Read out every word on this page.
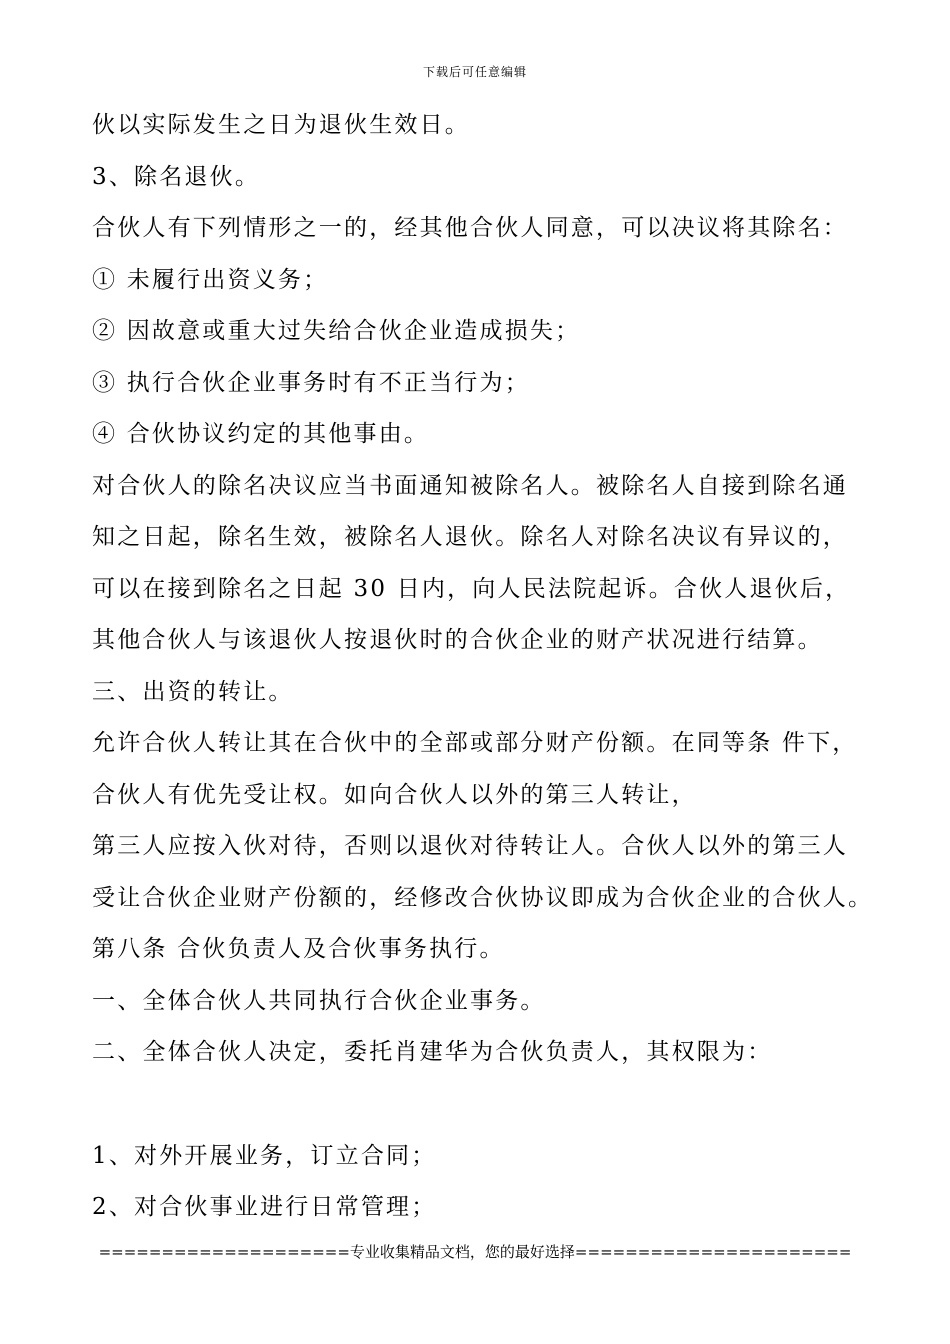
下载后可任意编辑
伙以实际发生之日为退伙生效日。
3、除名退伙。
合伙人有下列情形之一的，经其他合伙人同意，可以决议将其除名：
① 未履行出资义务；
② 因故意或重大过失给合伙企业造成损失；
③ 执行合伙企业事务时有不正当行为；
④ 合伙协议约定的其他事由。
对合伙人的除名决议应当书面通知被除名人。被除名人自接到除名通
知之日起，除名生效，被除名人退伙。除名人对除名决议有异议的，
可以在接到除名之日起 30 日内，向人民法院起诉。合伙人退伙后，
其他合伙人与该退伙人按退伙时的合伙企业的财产状况进行结算。
三、出资的转让。
允许合伙人转让其在合伙中的全部或部分财产份额。在同等条 件下，
合伙人有优先受让权。如向合伙人以外的第三人转让，
第三人应按入伙对待，否则以退伙对待转让人。合伙人以外的第三人
受让合伙企业财产份额的，经修改合伙协议即成为合伙企业的合伙人。
第八条 合伙负责人及合伙事务执行。
一、全体合伙人共同执行合伙企业事务。
二、全体合伙人决定，委托肖建华为合伙负责人，其权限为：
1、对外开展业务，订立合同；
2、对合伙事业进行日常管理；
====================专业收集精品文档，您的最好选择======================
